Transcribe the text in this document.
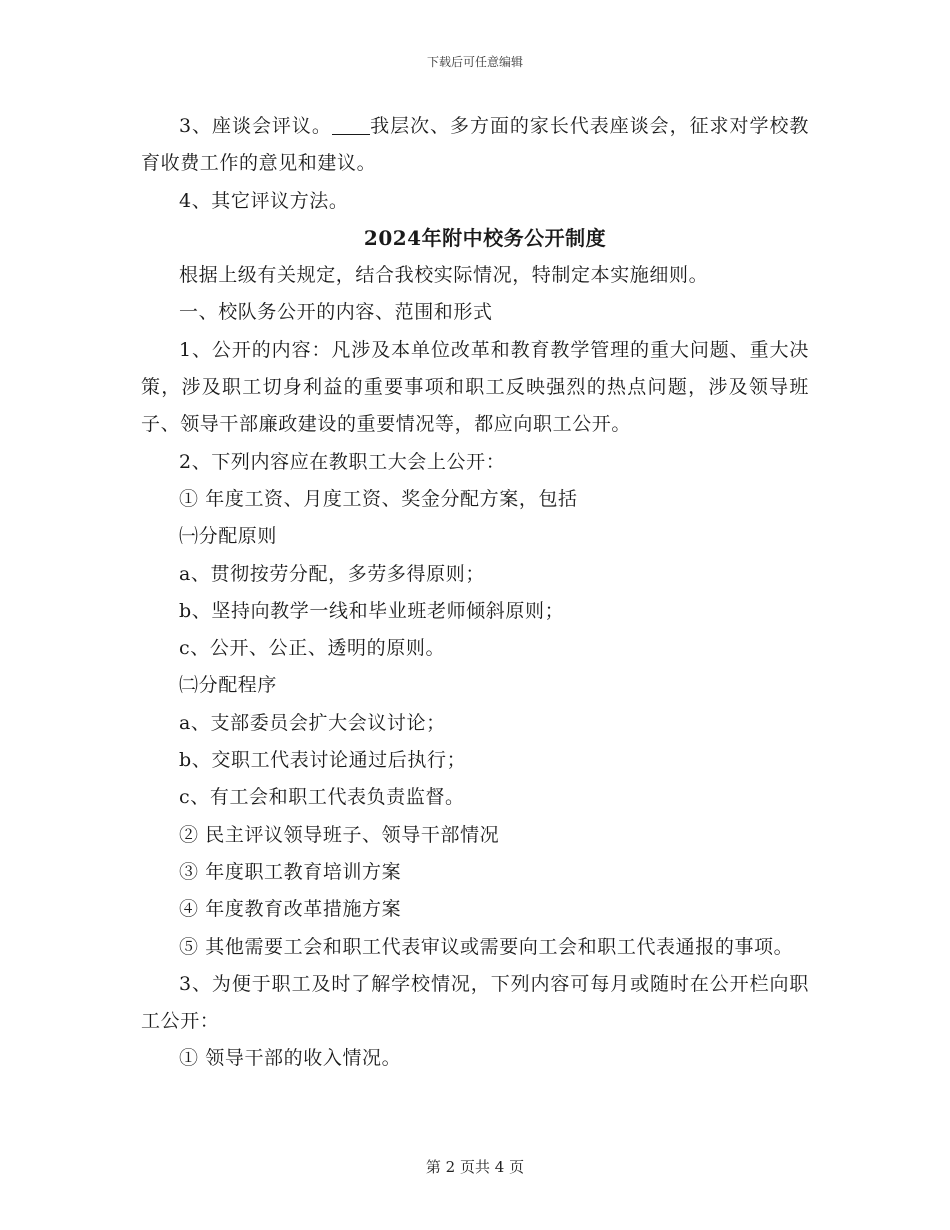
下载后可任意编辑

3、座谈会评议。 我层次、多方面的家长代表座谈会，征求对学校教育收费工作的意见和建议。

4、其它评议方法。

2024年附中校务公开制度

根据上级有关规定，结合我校实际情况，特制定本实施细则。

一、校队务公开的内容、范围和形式

1、公开的内容：凡涉及本单位改革和教育教学管理的重大问题、重大决策，涉及职工切身利益的重要事项和职工反映强烈的热点问题，涉及领导班子、领导干部廉政建设的重要情况等，都应向职工公开。

2、下列内容应在教职工大会上公开：

① 年度工资、月度工资、奖金分配方案，包括

㈠分配原则

a、贯彻按劳分配，多劳多得原则；

b、坚持向教学一线和毕业班老师倾斜原则；

c、公开、公正、透明的原则。

㈡分配程序

a、支部委员会扩大会议讨论；

b、交职工代表讨论通过后执行；

c、有工会和职工代表负责监督。

② 民主评议领导班子、领导干部情况

③ 年度职工教育培训方案

④ 年度教育改革措施方案

⑤ 其他需要工会和职工代表审议或需要向工会和职工代表通报的事项。

3、为便于职工及时了解学校情况，下列内容可每月或随时在公开栏向职工公开：

① 领导干部的收入情况。

第 2 页共 4 页
